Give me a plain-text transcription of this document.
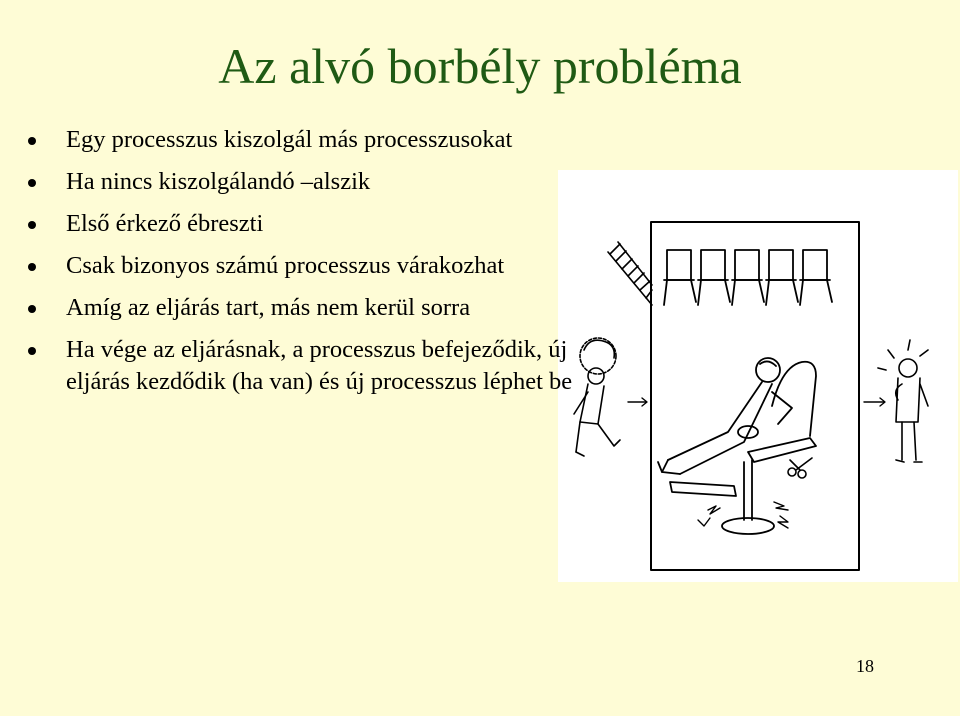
Az alvó borbély probléma
Egy processzus kiszolgál más processzusokat
Ha nincs kiszolgálandó –alszik
Első érkező ébreszti
Csak bizonyos számú processzus várakozhat
Amíg az eljárás tart, más nem kerül sorra
Ha vége az eljárásnak, a processzus befejeződik, új eljárás kezdődik (ha van) és új processzus léphet be
18
